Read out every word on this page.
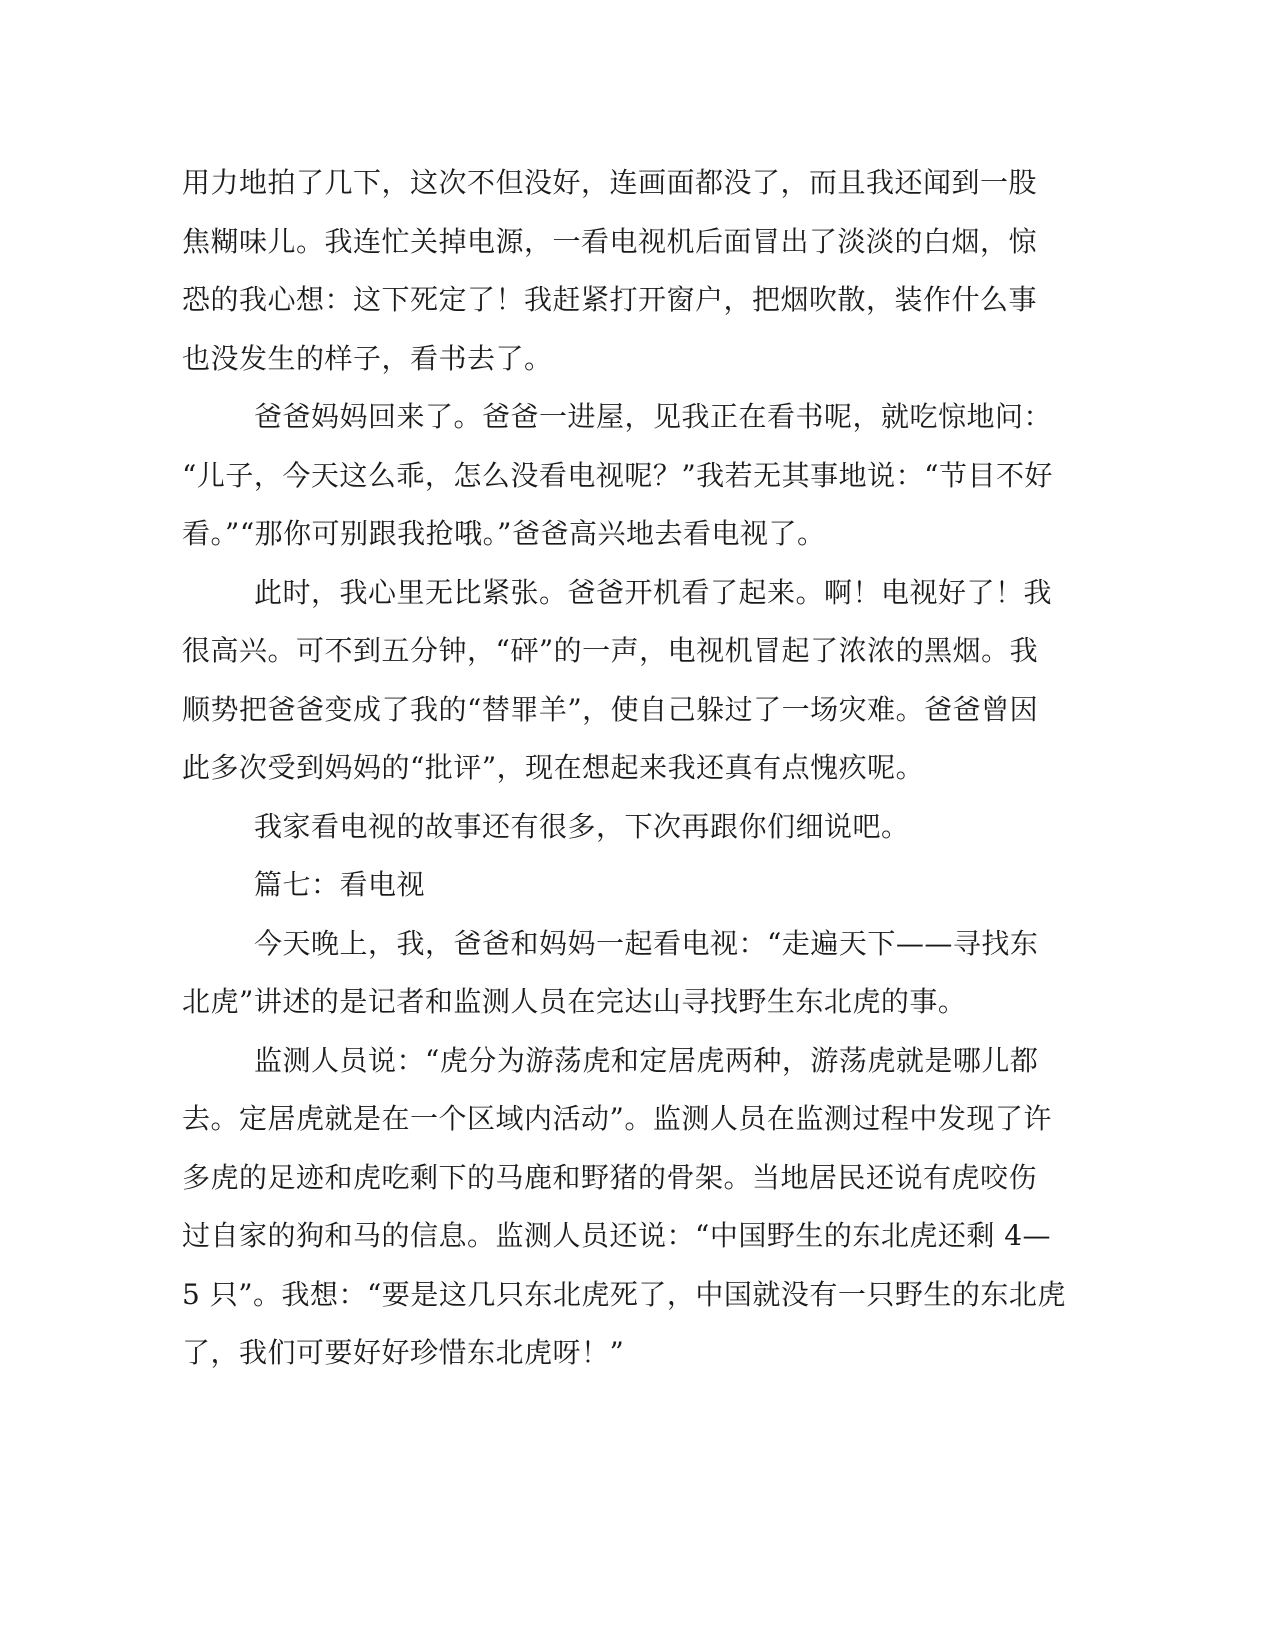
用力地拍了几下，这次不但没好，连画面都没了，而且我还闻到一股
焦糊味儿。我连忙关掉电源，一看电视机后面冒出了淡淡的白烟，惊
恐的我心想：这下死定了！我赶紧打开窗户，把烟吹散，装作什么事
也没发生的样子，看书去了。
爸爸妈妈回来了。爸爸一进屋，见我正在看书呢，就吃惊地问：
“儿子，今天这么乖，怎么没看电视呢？”我若无其事地说：“节目不好
看。”“那你可别跟我抢哦。”爸爸高兴地去看电视了。
此时，我心里无比紧张。爸爸开机看了起来。啊！电视好了！我
很高兴。可不到五分钟，“砰”的一声，电视机冒起了浓浓的黑烟。我
顺势把爸爸变成了我的“替罪羊”，使自己躲过了一场灾难。爸爸曾因
此多次受到妈妈的“批评”，现在想起来我还真有点愧疚呢。
我家看电视的故事还有很多，下次再跟你们细说吧。
篇七：看电视
今天晚上，我，爸爸和妈妈一起看电视：“走遍天下——寻找东
北虎”讲述的是记者和监测人员在完达山寻找野生东北虎的事。
监测人员说：“虎分为游荡虎和定居虎两种，游荡虎就是哪儿都
去。定居虎就是在一个区域内活动”。监测人员在监测过程中发现了许
多虎的足迹和虎吃剩下的马鹿和野猪的骨架。当地居民还说有虎咬伤
过自家的狗和马的信息。监测人员还说：“中国野生的东北虎还剩 4—
5 只”。我想：“要是这几只东北虎死了，中国就没有一只野生的东北虎
了，我们可要好好珍惜东北虎呀！”
